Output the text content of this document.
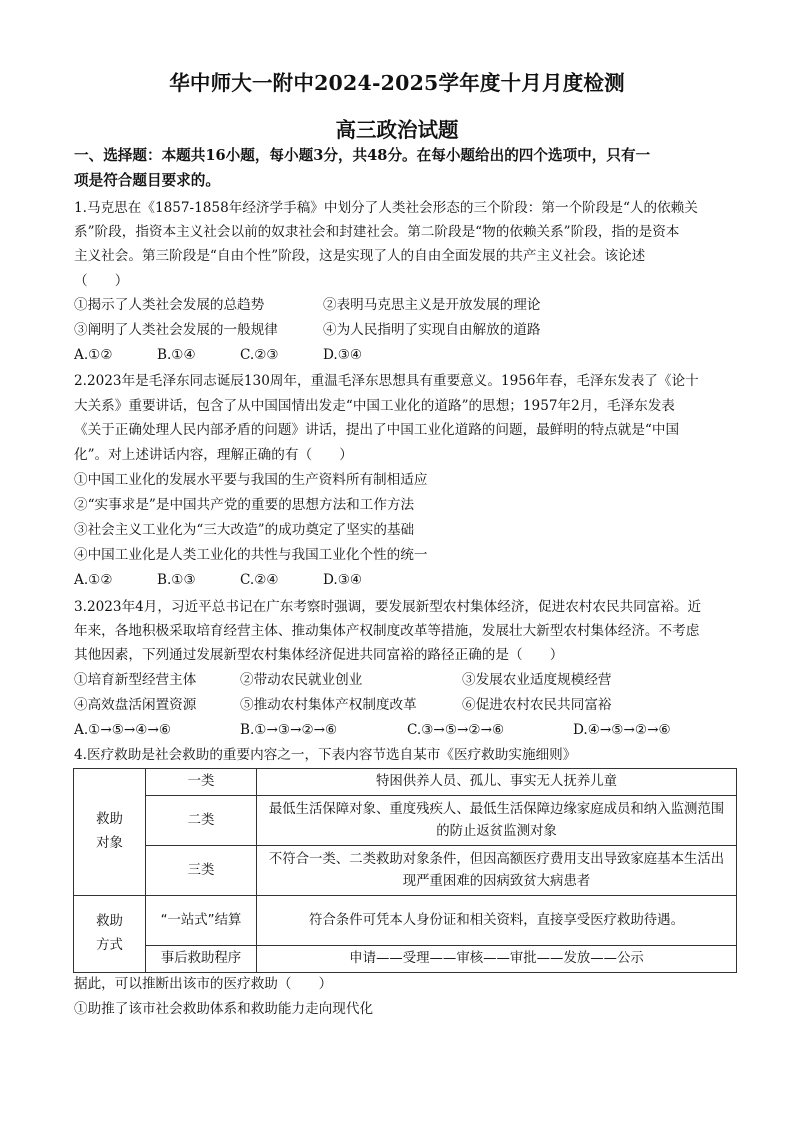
华中师大一附中2024-2025学年度十月月度检测
高三政治试题
一、选择题：本题共16小题，每小题3分，共48分。在每小题给出的四个选项中，只有一
项是符合题目要求的。
1.马克思在《1857-1858年经济学手稿》中划分了人类社会形态的三个阶段：第一个阶段是“人的依赖关
系”阶段，指资本主义社会以前的奴隶社会和封建社会。第二阶段是“物的依赖关系”阶段，指的是资本
主义社会。第三阶段是“自由个性”阶段，这是实现了人的自由全面发展的共产主义社会。该论述
（　　）
①揭示了人类社会发展的总趋势	②表明马克思主义是开放发展的理论
③阐明了人类社会发展的一般规律	④为人民指明了实现自由解放的道路
A.①②	B.①④	C.②③	D.③④
2.2023年是毛泽东同志诞辰130周年，重温毛泽东思想具有重要意义。1956年春，毛泽东发表了《论十
大关系》重要讲话，包含了从中国国情出发走“中国工业化的道路”的思想；1957年2月，毛泽东发表
《关于正确处理人民内部矛盾的问题》讲话，提出了中国工业化道路的问题，最鲜明的特点就是“中国
化”。对上述讲话内容，理解正确的有（　　）
①中国工业化的发展水平要与我国的生产资料所有制相适应
②“实事求是”是中国共产党的重要的思想方法和工作方法
③社会主义工业化为“三大改造”的成功奠定了坚实的基础
④中国工业化是人类工业化的共性与我国工业化个性的统一
A.①②	B.①③	C.②④	D.③④
3.2023年4月，习近平总书记在广东考察时强调，要发展新型农村集体经济，促进农村农民共同富裕。近
年来，各地积极采取培育经营主体、推动集体产权制度改革等措施，发展壮大新型农村集体经济。不考虑
其他因素，下列通过发展新型农村集体经济促进共同富裕的路径正确的是（　　）
①培育新型经营主体	②带动农民就业创业	③发展农业适度规模经营
④高效盘活闲置资源	⑤推动农村集体产权制度改革	⑥促进农村农民共同富裕
A.①→⑤→④→⑥	B.①→③→②→⑥	C.③→⑤→②→⑥	D.④→⑤→②→⑥
4.医疗救助是社会救助的重要内容之一，下表内容节选自某市《医疗救助实施细则》
救助对象	一类	特困供养人员、孤儿、事实无人抚养儿童
	二类	最低生活保障对象、重度残疾人、最低生活保障边缘家庭成员和纳入监测范围的防止返贫监测对象
	三类	不符合一类、二类救助对象条件，但因高额医疗费用支出导致家庭基本生活出现严重困难的因病致贫大病患者
救助方式	“一站式”结算	符合条件可凭本人身份证和相关资料，直接享受医疗救助待遇。
	事后救助程序	申请——受理——审核——审批——发放——公示
据此，可以推断出该市的医疗救助（　　）
①助推了该市社会救助体系和救助能力走向现代化
